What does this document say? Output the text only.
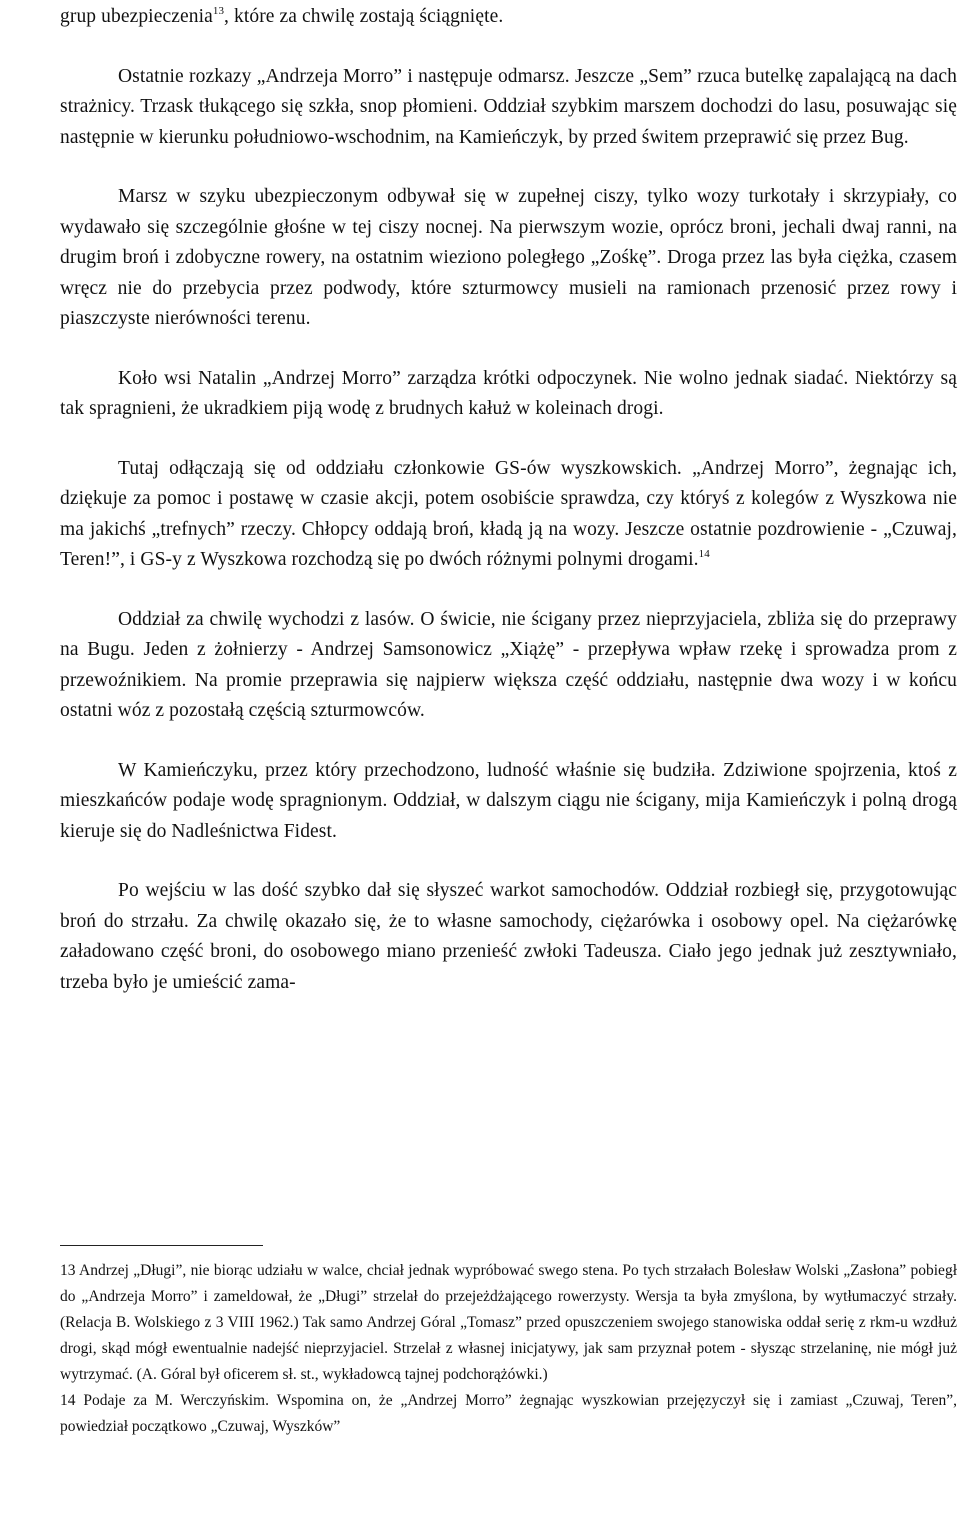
grup ubezpieczenia$^{13}$, które za chwilę zostają ściągnięte.

Ostatnie rozkazy „Andrzeja Morro” i następuje odmarsz. Jeszcze „Sem” rzuca butelkę zapalającą na dach strażnicy. Trzask tłukącego się szkła, snop płomieni. Oddział szybkim marszem dochodzi do lasu, posuwając się następnie w kierunku południowo-wschodnim, na Kamieńczyk, by przed świtem przeprawić się przez Bug.

Marsz w szyku ubezpieczonym odbywał się w zupełnej ciszy, tylko wozy turkotały i skrzypiały, co wydawało się szczególnie głośne w tej ciszy nocnej. Na pierwszym wozie, oprócz broni, jechali dwaj ranni, na drugim broń i zdobyczne rowery, na ostatnim wieziono poległego „Zośkę”. Droga przez las była ciężka, czasem wręcz nie do przebycia przez podwody, które szturmowcy musieli na ramionach przenosić przez rowy i piaszczyste nierówności terenu.

Koło wsi Natalin „Andrzej Morro” zarządza krótki odpoczynek. Nie wolno jednak siadać. Niektórzy są tak spragnieni, że ukradkiem piją wodę z brudnych kałuż w koleinach drogi.

Tutaj odłączają się od oddziału członkowie GS-ów wyszkowskich. „Andrzej Morro”, żegnając ich, dziękuje za pomoc i postawę w czasie akcji, potem osobiście sprawdza, czy któryś z kolegów z Wyszkowa nie ma jakichś „trefnych” rzeczy. Chłopcy oddają broń, kładą ją na wozy. Jeszcze ostatnie pozdrowienie - „Czuwaj, Teren!”, i GS-y z Wyszkowa rozchodzą się po dwóch różnymi polnymi drogami.$^{14}$

Oddział za chwilę wychodzi z lasów. O świcie, nie ścigany przez nieprzyjaciela, zbliża się do przeprawy na Bugu. Jeden z żołnierzy - Andrzej Samsonowicz „Xiążę” - przepływa wpław rzekę i sprowadza prom z przewoźnikiem. Na promie przeprawia się najpierw większa część oddziału, następnie dwa wozy i w końcu ostatni wóz z pozostałą częścią szturmowców.

W Kamieńczyku, przez który przechodzono, ludność właśnie się budziła. Zdziwione spojrzenia, ktoś z mieszkańców podaje wodę spragnionym. Oddział, w dalszym ciągu nie ścigany, mija Kamieńczyk i polną drogą kieruje się do Nadleśnictwa Fidest.

Po wejściu w las dość szybko dał się słyszeć warkot samochodów. Oddział rozbiegł się, przygotowując broń do strzału. Za chwilę okazało się, że to własne samochody, ciężarówka i osobowy opel. Na ciężarówkę załadowano część broni, do osobowego miano przenieść zwłoki Tadeusza. Ciało jego jednak już zesztywniało, trzeba było je umieścić zama-

13 Andrzej „Długi”, nie biorąc udziału w walce, chciał jednak wypróbować swego stena. Po tych strzałach Bolesław Wolski „Zasłona” pobiegł do „Andrzeja Morro” i zameldował, że „Długi” strzelał do przejeżdżającego rowerzysty. Wersja ta była zmyślona, by wytłumaczyć strzały. (Relacja B. Wolskiego z 3 VIII 1962.) Tak samo Andrzej Góral „Tomasz” przed opuszczeniem swojego stanowiska oddał serię z rkm-u wzdłuż drogi, skąd mógł ewentualnie nadejść nieprzyjaciel. Strzelał z własnej inicjatywy, jak sam przyznał potem - słysząc strzelaninę, nie mógł już wytrzymać. (A. Góral był oficerem sł. st., wykładowcą tajnej podchorążówki.)

14 Podaje za M. Werczyńskim. Wspomina on, że „Andrzej Morro” żegnając wyszkowian przejęzyczył się i zamiast „Czuwaj, Teren”, powiedział początkowo „Czuwaj, Wyszków”
